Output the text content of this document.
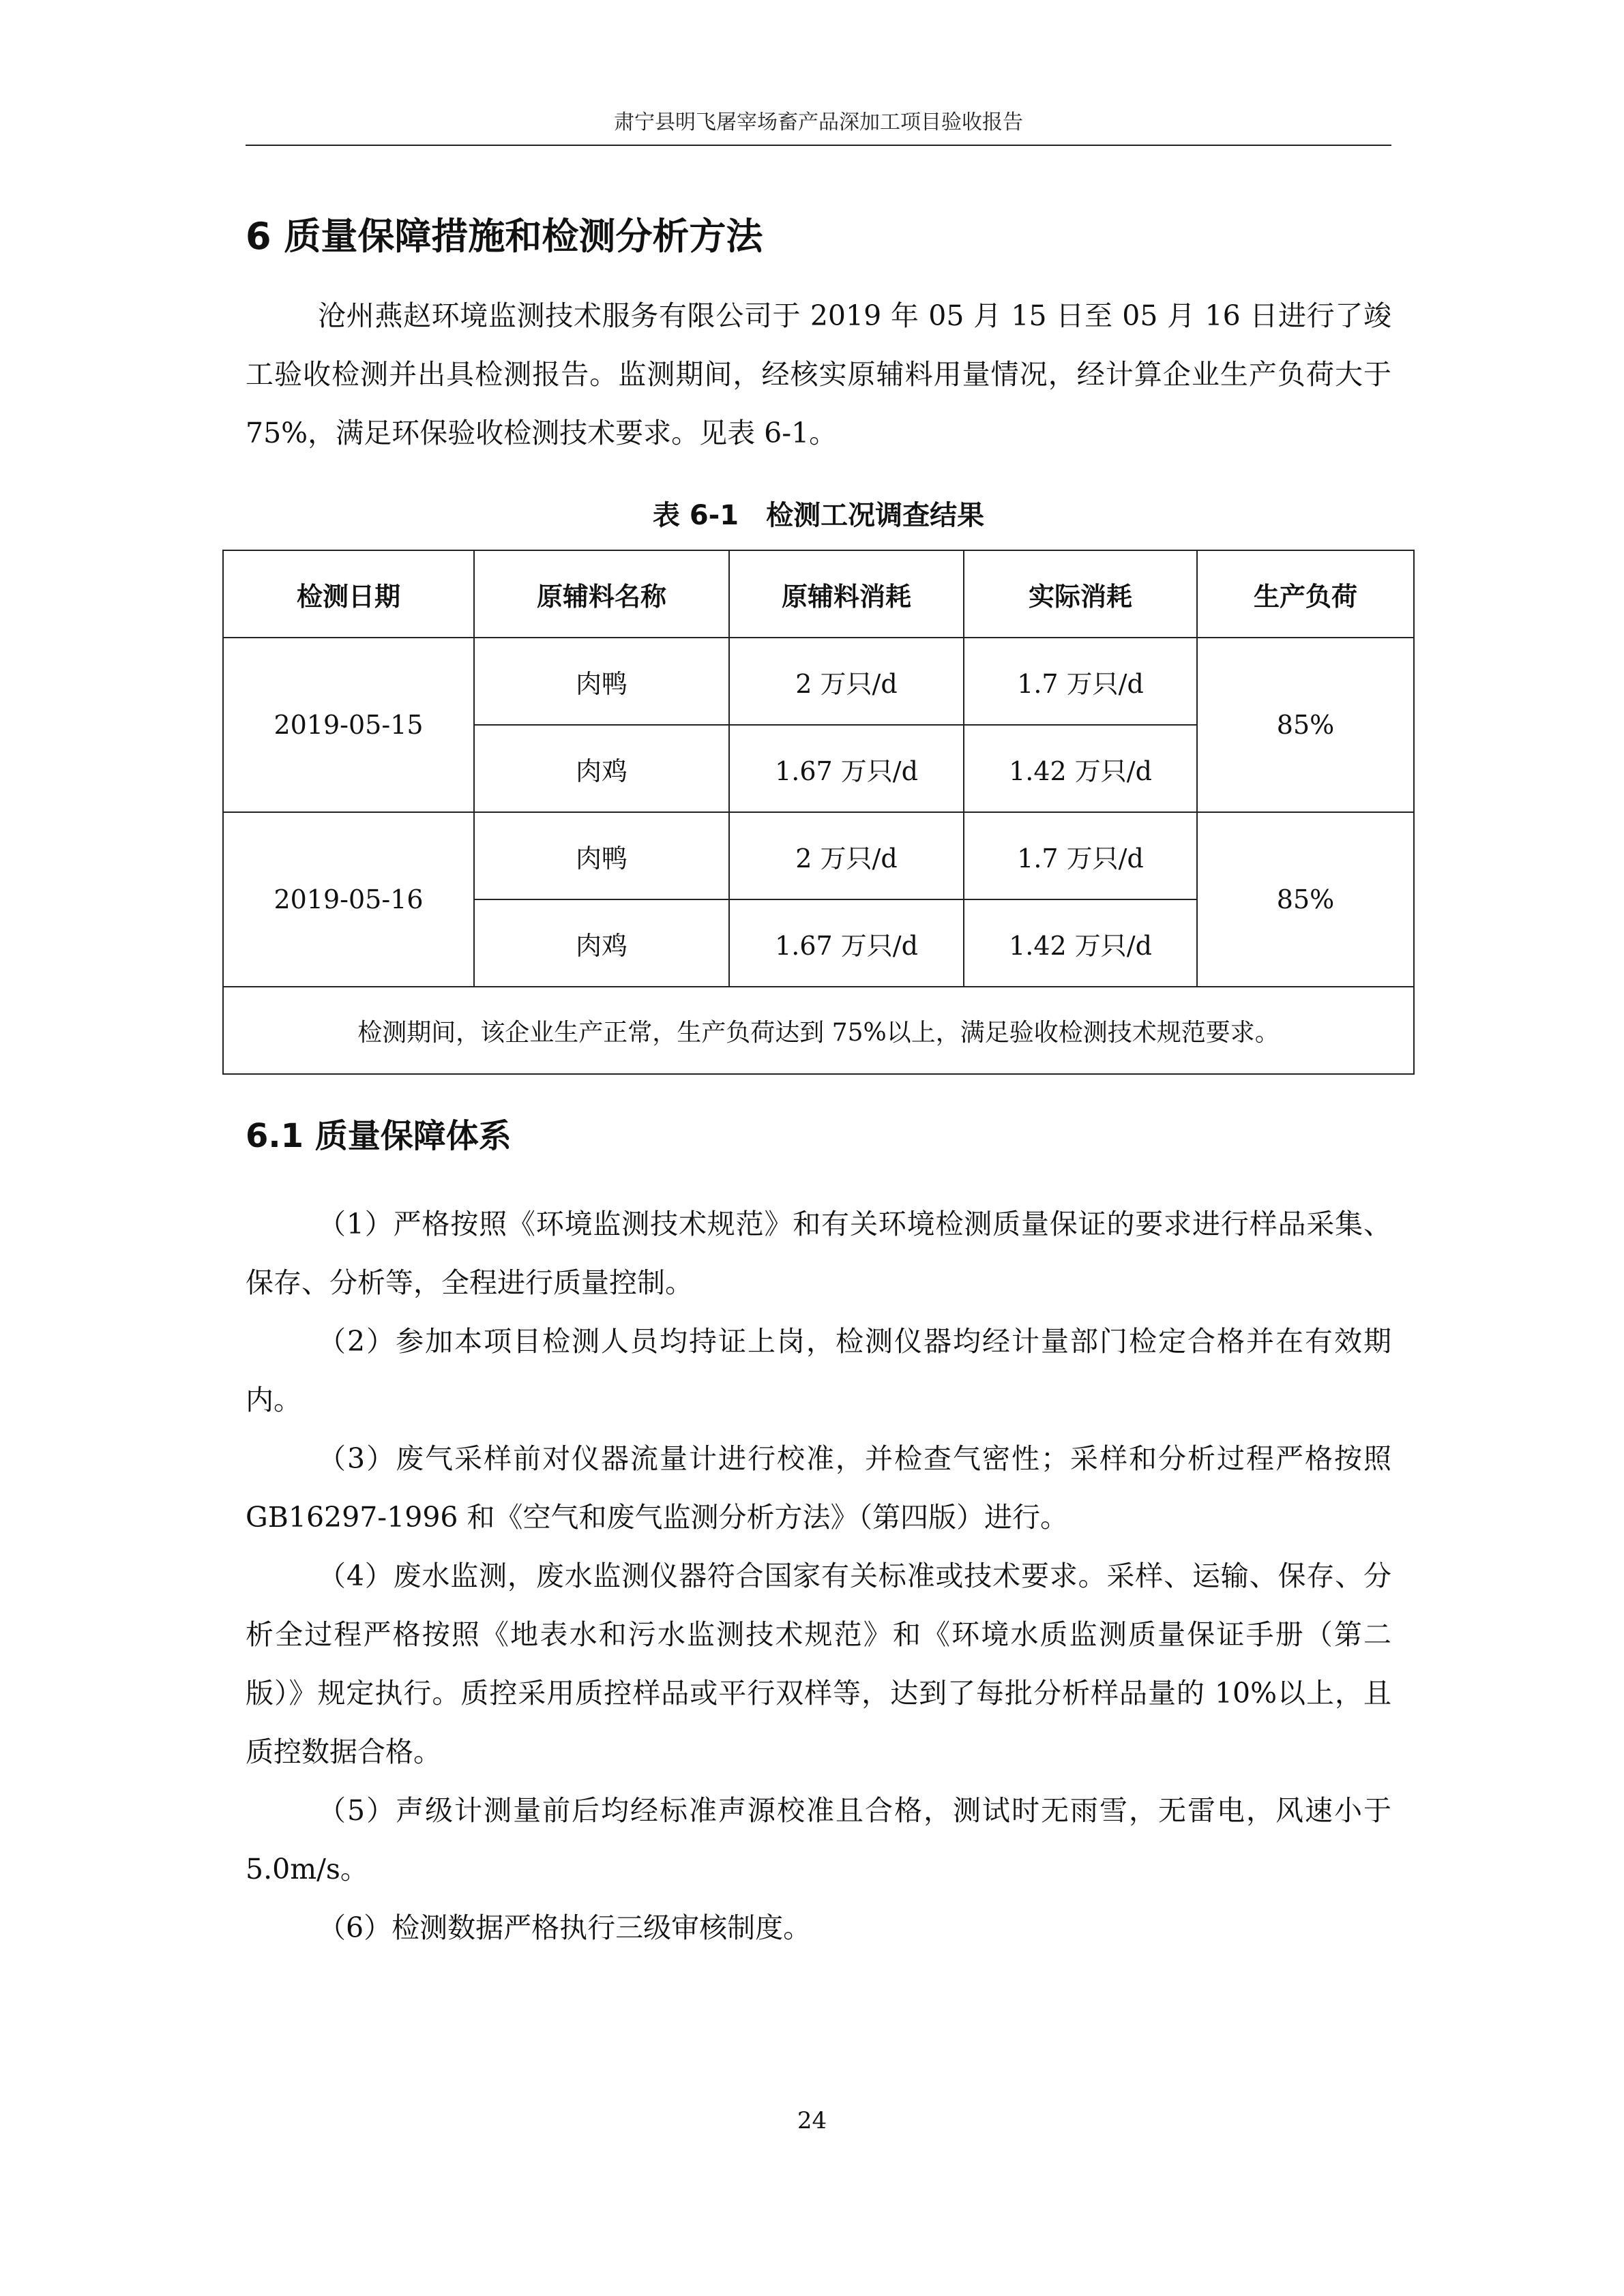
肃宁县明飞屠宰场畜产品深加工项目验收报告
6 质量保障措施和检测分析方法
沧州燕赵环境监测技术服务有限公司于 2019 年 05 月 15 日至 05 月 16 日进行了竣工验收检测并出具检测报告。监测期间，经核实原辅料用量情况，经计算企业生产负荷大于 75%，满足环保验收检测技术要求。见表 6-1。
表 6-1 检测工况调查结果
检测日期	原辅料名称	原辅料消耗	实际消耗	生产负荷
2019-05-15	肉鸭	2 万只/d	1.7 万只/d	85%
	肉鸡	1.67 万只/d	1.42 万只/d	
2019-05-16	肉鸭	2 万只/d	1.7 万只/d	85%
	肉鸡	1.67 万只/d	1.42 万只/d	
检测期间，该企业生产正常，生产负荷达到 75%以上，满足验收检测技术规范要求。				
6.1 质量保障体系
（1）严格按照《环境监测技术规范》和有关环境检测质量保证的要求进行样品采集、保存、分析等，全程进行质量控制。
（2）参加本项目检测人员均持证上岗，检测仪器均经计量部门检定合格并在有效期内。
（3）废气采样前对仪器流量计进行校准，并检查气密性；采样和分析过程严格按照 GB16297-1996 和《空气和废气监测分析方法》（第四版）进行。
（4）废水监测，废水监测仪器符合国家有关标准或技术要求。采样、运输、保存、分析全过程严格按照《地表水和污水监测技术规范》和《环境水质监测质量保证手册（第二版）》规定执行。质控采用质控样品或平行双样等，达到了每批分析样品量的 10%以上，且质控数据合格。
（5）声级计测量前后均经标准声源校准且合格，测试时无雨雪，无雷电，风速小于 5.0m/s。
（6）检测数据严格执行三级审核制度。
24
